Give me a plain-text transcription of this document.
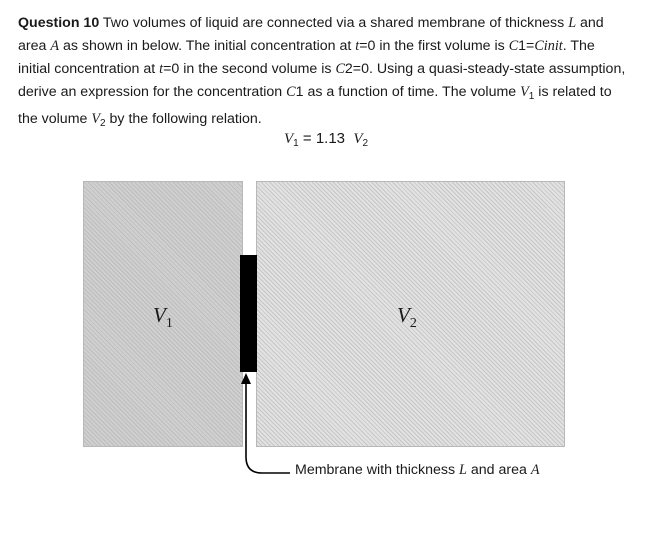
Question 10 Two volumes of liquid are connected via a shared membrane of thickness L and area A as shown in below. The initial concentration at t=0 in the first volume is C1=Cinit. The initial concentration at t=0 in the second volume is C2=0. Using a quasi-steady-state assumption, derive an expression for the concentration C1 as a function of time. The volume $V_1$ is related to the volume $V_2$ by the following relation.
$V_1 = 1.13$ $V_2$
$V_1$	$V_2$
Membrane with thickness L and area A
